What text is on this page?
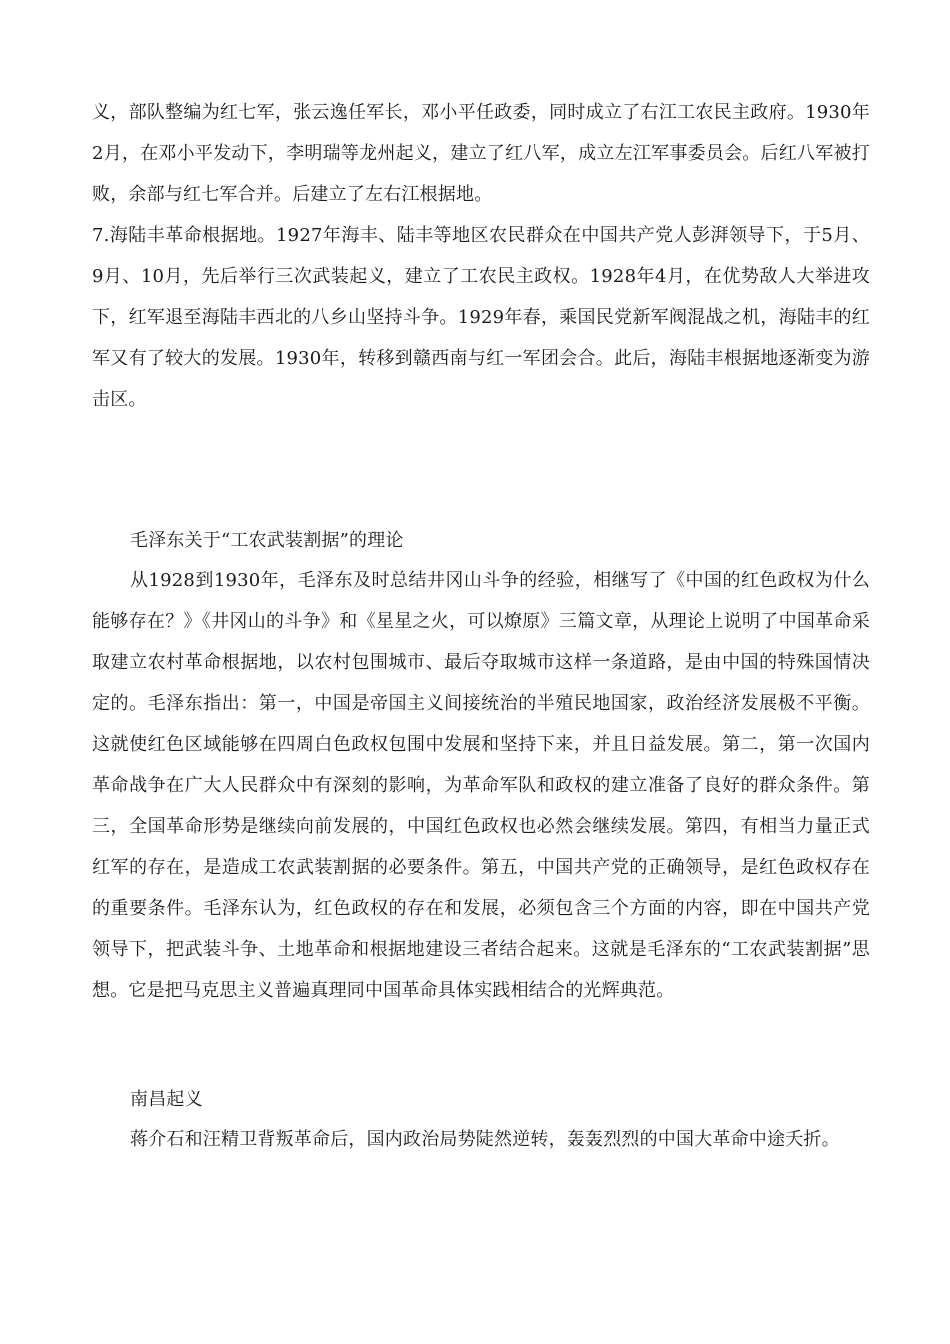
义，部队整编为红七军，张云逸任军长，邓小平任政委，同时成立了右江工农民主政府。1930年2月，在邓小平发动下，李明瑞等龙州起义，建立了红八军，成立左江军事委员会。后红八军被打败，余部与红七军合并。后建立了左右江根据地。

7.海陆丰革命根据地。1927年海丰、陆丰等地区农民群众在中国共产党人彭湃领导下，于5月、9月、10月，先后举行三次武装起义，建立了工农民主政权。1928年4月，在优势敌人大举进攻下，红军退至海陆丰西北的八乡山坚持斗争。1929年春，乘国民党新军阀混战之机，海陆丰的红军又有了较大的发展。1930年，转移到赣西南与红一军团会合。此后，海陆丰根据地逐渐变为游击区。

毛泽东关于“工农武装割据”的理论

从1928到1930年，毛泽东及时总结井冈山斗争的经验，相继写了《中国的红色政权为什么能够存在？》《井冈山的斗争》和《星星之火，可以燎原》三篇文章，从理论上说明了中国革命采取建立农村革命根据地，以农村包围城市、最后夺取城市这样一条道路，是由中国的特殊国情决定的。毛泽东指出：第一，中国是帝国主义间接统治的半殖民地国家，政治经济发展极不平衡。这就使红色区域能够在四周白色政权包围中发展和坚持下来，并且日益发展。第二，第一次国内革命战争在广大人民群众中有深刻的影响，为革命军队和政权的建立准备了良好的群众条件。第三，全国革命形势是继续向前发展的，中国红色政权也必然会继续发展。第四，有相当力量正式红军的存在，是造成工农武装割据的必要条件。第五，中国共产党的正确领导，是红色政权存在的重要条件。毛泽东认为，红色政权的存在和发展，必须包含三个方面的内容，即在中国共产党领导下，把武装斗争、土地革命和根据地建设三者结合起来。这就是毛泽东的“工农武装割据”思想。它是把马克思主义普遍真理同中国革命具体实践相结合的光辉典范。

南昌起义

蒋介石和汪精卫背叛革命后，国内政治局势陡然逆转，轰轰烈烈的中国大革命中途夭折。
